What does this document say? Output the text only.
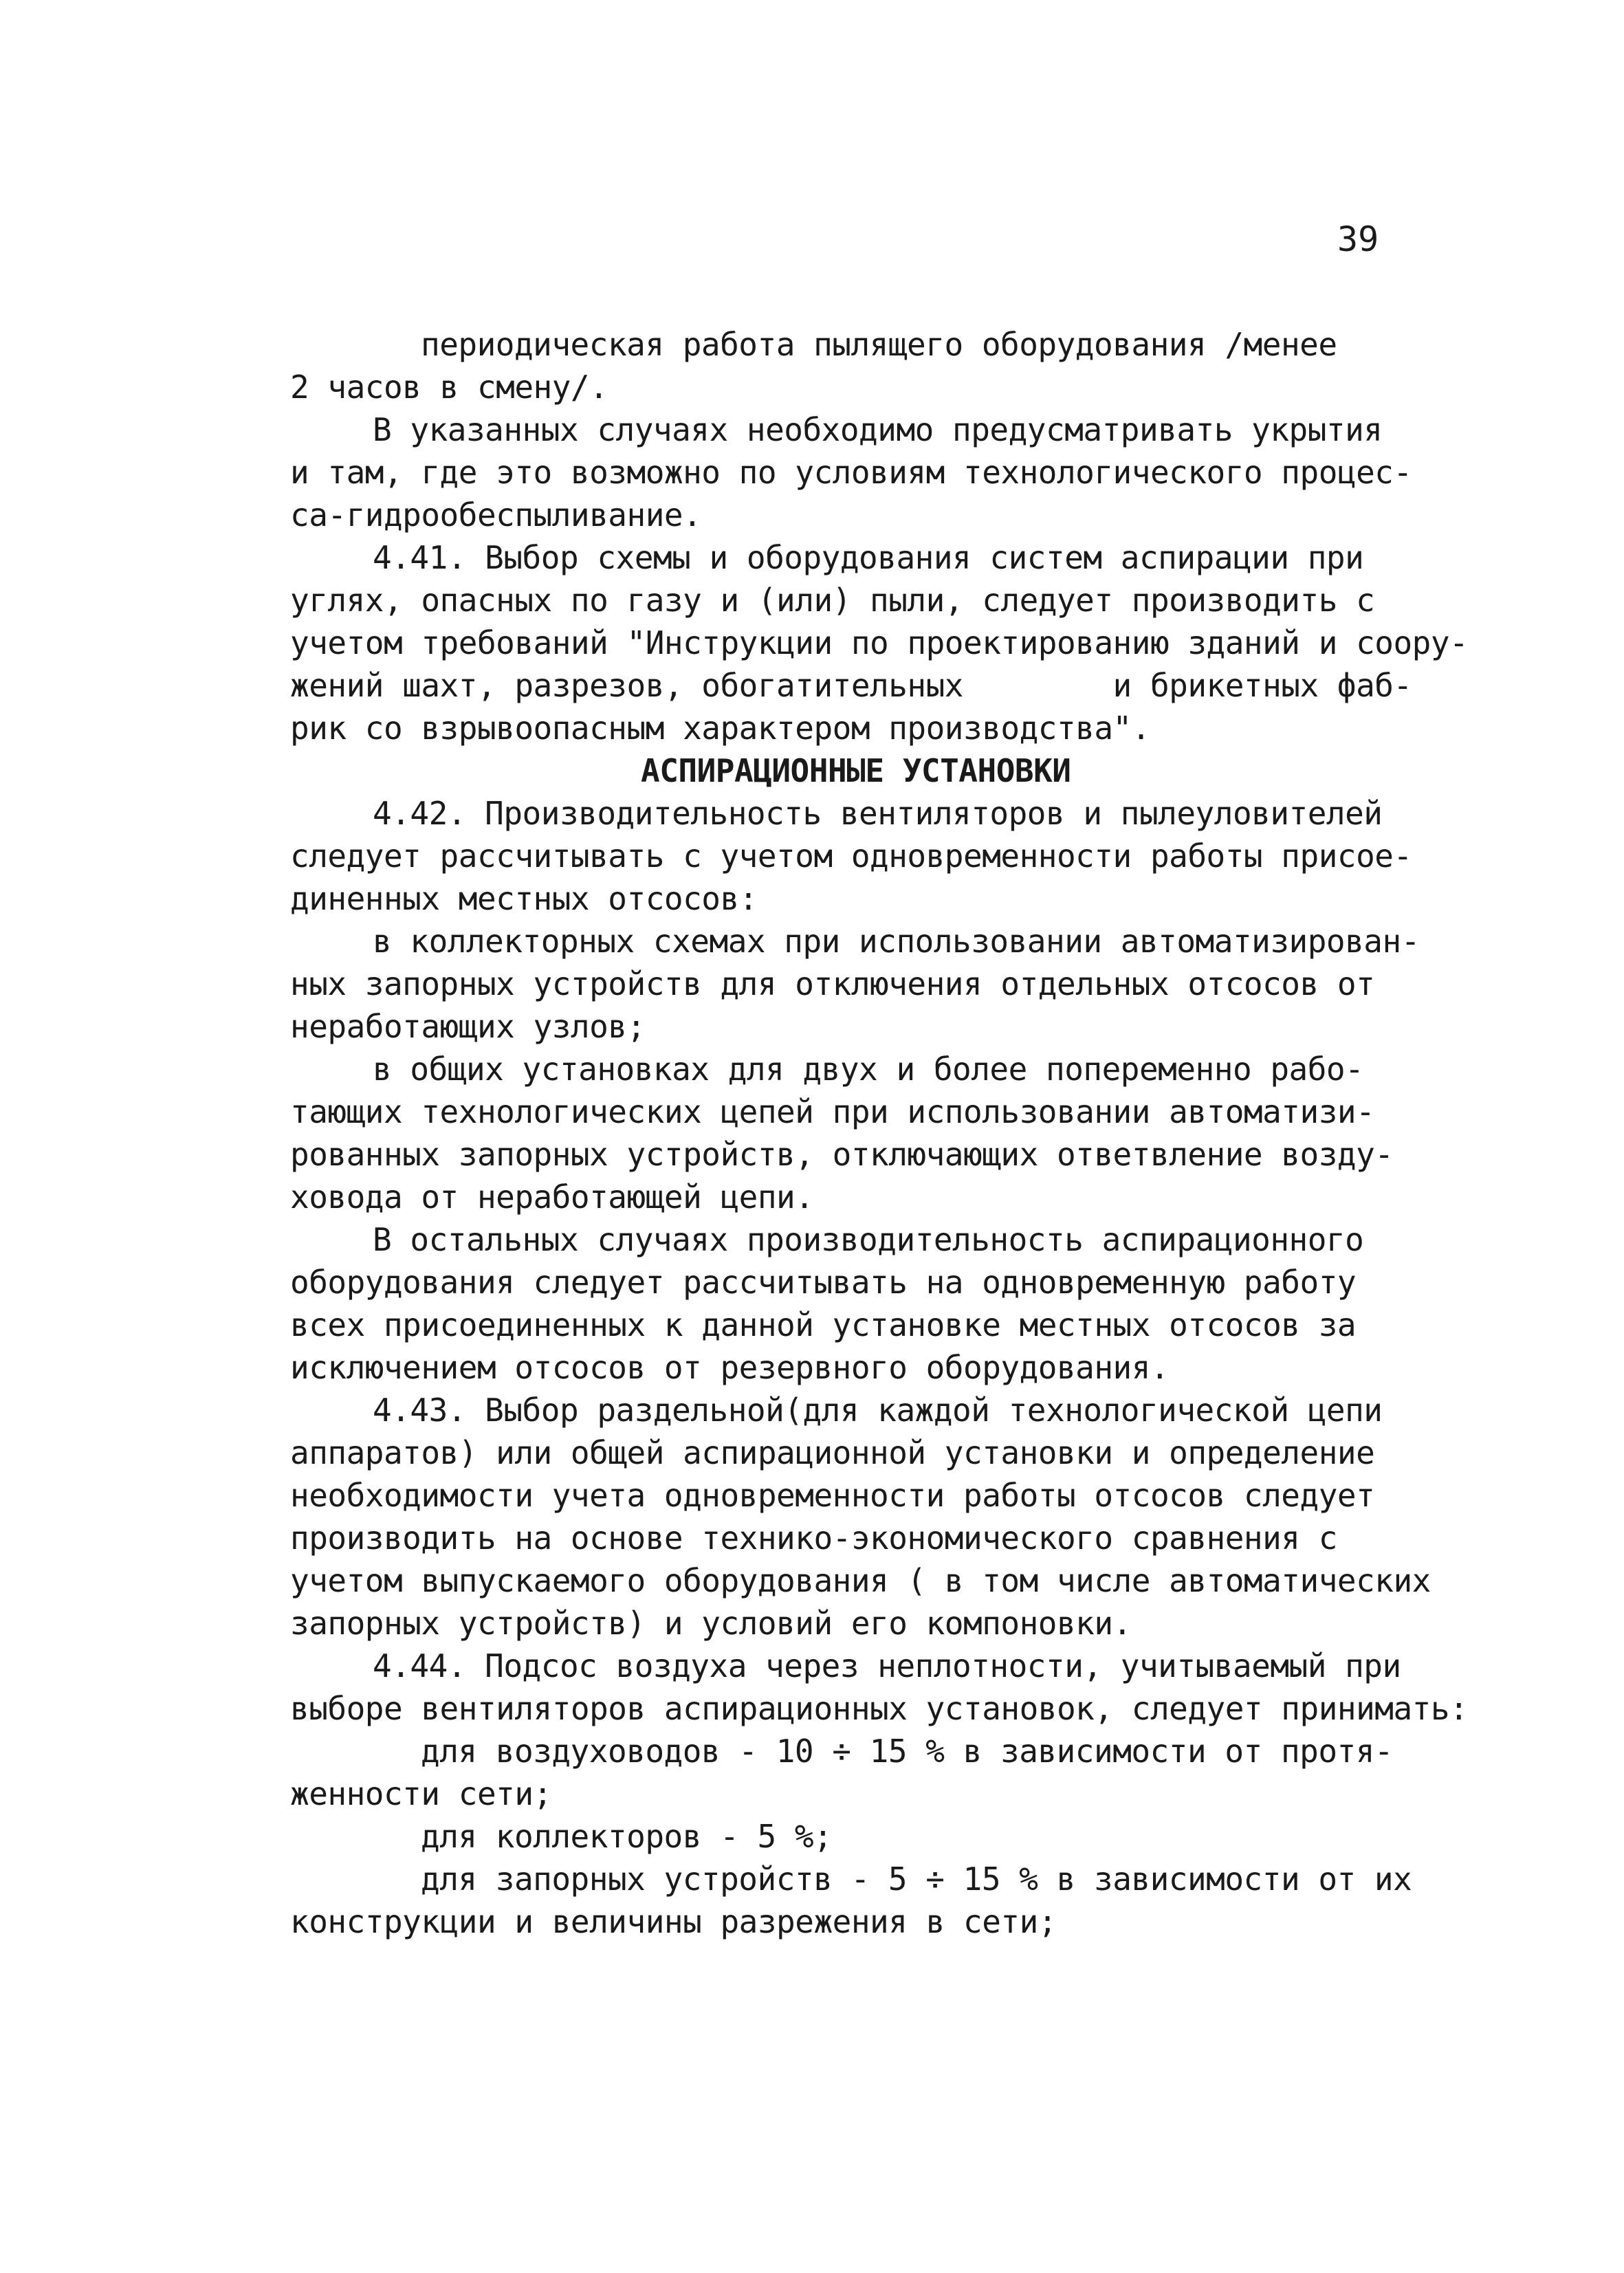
39
периодическая работа пылящего оборудования /менее
2 часов в смену/.
В указанных случаях необходимо предусматривать укрытия
и там, где это возможно по условиям технологического процес-
са-гидрообеспыливание.
4.41. Выбор схемы и оборудования систем аспирации при
углях, опасных по газу и (или) пыли, следует производить с
учетом требований "Инструкции по проектированию зданий и соору-
жений шахт, разрезов, обогатительных        и брикетных фаб-
рик со взрывоопасным характером производства".
АСПИРАЦИОННЫЕ УСТАНОВКИ
4.42. Производительность вентиляторов и пылеуловителей
следует рассчитывать с учетом одновременности работы присое-
диненных местных отсосов:
в коллекторных схемах при использовании автоматизирован-
ных запорных устройств для отключения отдельных отсосов от
неработающих узлов;
в общих установках для двух и более попеременно рабо-
тающих технологических цепей при использовании автоматизи-
рованных запорных устройств, отключающих ответвление возду-
ховода от неработающей цепи.
В остальных случаях производительность аспирационного
оборудования следует рассчитывать на одновременную работу
всех присоединенных к данной установке местных отсосов за
исключением отсосов от резервного оборудования.
4.43. Выбор раздельной(для каждой технологической цепи
аппаратов) или общей аспирационной установки и определение
необходимости учета одновременности работы отсосов следует
производить на основе технико-экономического сравнения с
учетом выпускаемого оборудования ( в том числе автоматических
запорных устройств) и условий его компоновки.
4.44. Подсос воздуха через неплотности, учитываемый при
выборе вентиляторов аспирационных установок, следует принимать:
для воздуховодов - 10 ÷ 15 % в зависимости от протя-
женности сети;
для коллекторов - 5 %;
для запорных устройств - 5 ÷ 15 % в зависимости от их
конструкции и величины разрежения в сети;
